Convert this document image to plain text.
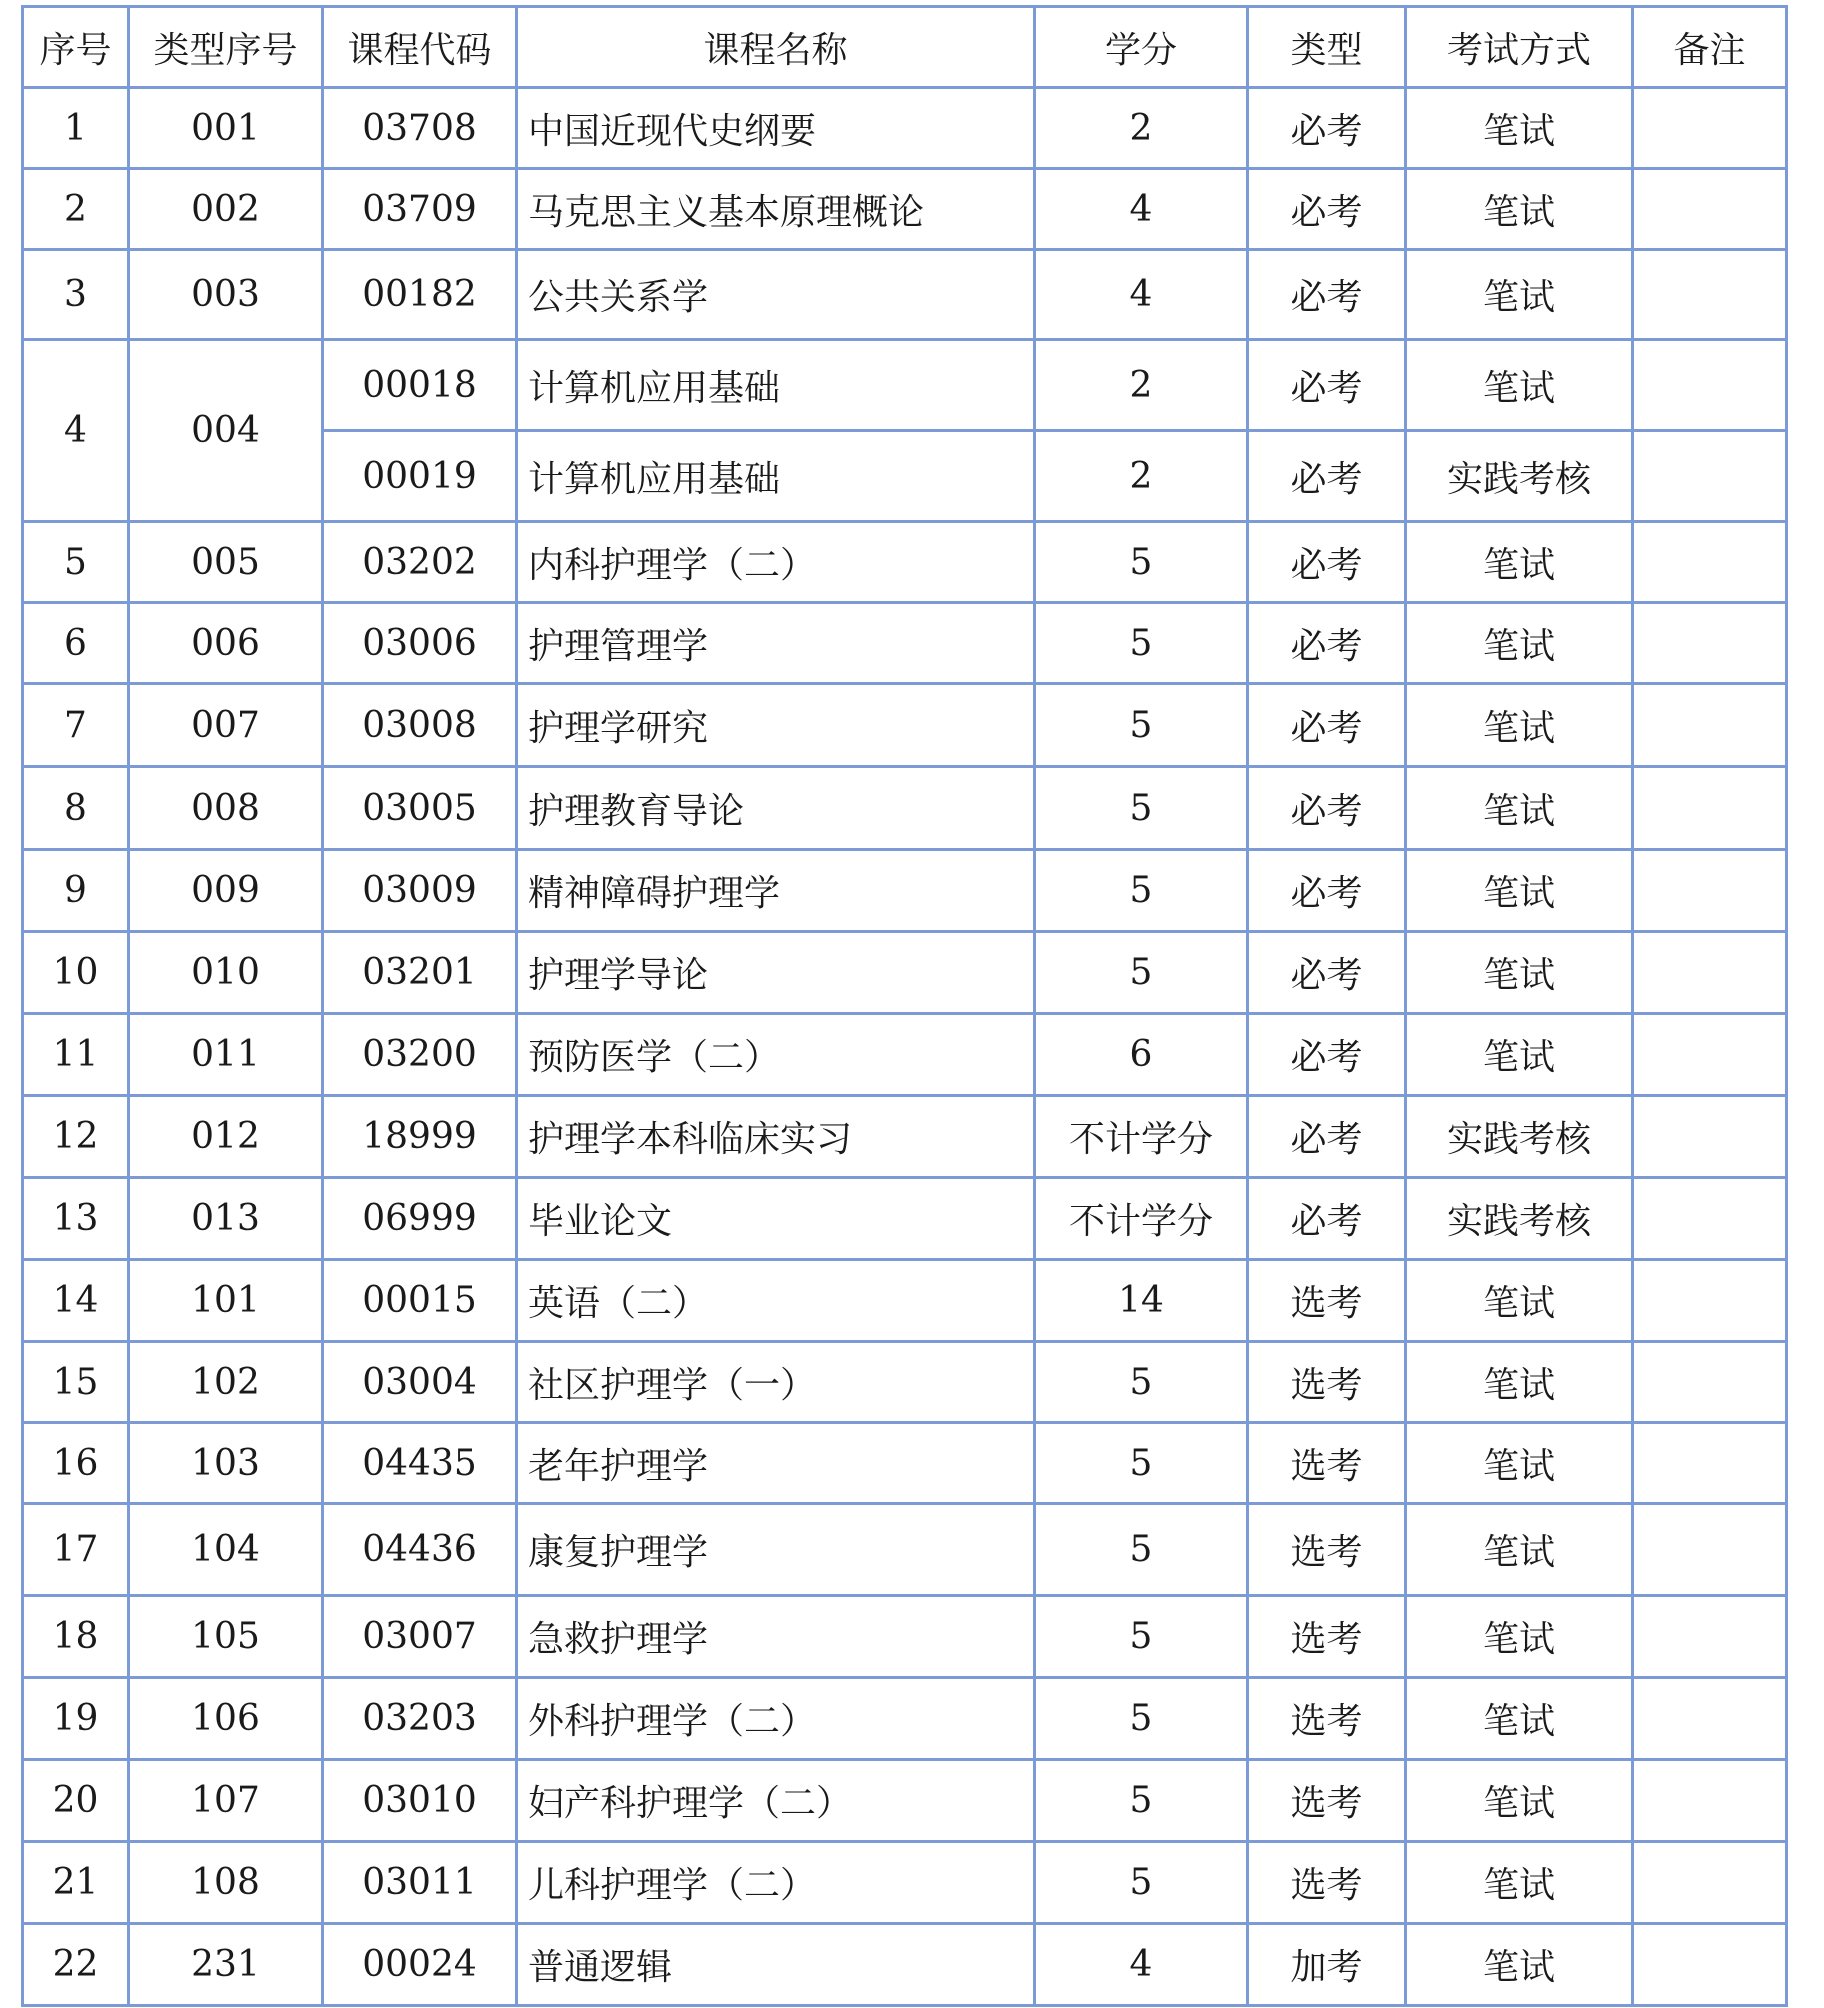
序号	类型序号	课程代码	课程名称	学分	类型	考试方式	备注
1	001	03708	中国近现代史纲要	2	必考	笔试	
2	002	03709	马克思主义基本原理概论	4	必考	笔试	
3	003	00182	公共关系学	4	必考	笔试	
4	004	00018	计算机应用基础	2	必考	笔试	
		00019	计算机应用基础	2	必考	实践考核	
5	005	03202	内科护理学（二）	5	必考	笔试	
6	006	03006	护理管理学	5	必考	笔试	
7	007	03008	护理学研究	5	必考	笔试	
8	008	03005	护理教育导论	5	必考	笔试	
9	009	03009	精神障碍护理学	5	必考	笔试	
10	010	03201	护理学导论	5	必考	笔试	
11	011	03200	预防医学（二）	6	必考	笔试	
12	012	18999	护理学本科临床实习	不计学分	必考	实践考核	
13	013	06999	毕业论文	不计学分	必考	实践考核	
14	101	00015	英语（二）	14	选考	笔试	
15	102	03004	社区护理学（一）	5	选考	笔试	
16	103	04435	老年护理学	5	选考	笔试	
17	104	04436	康复护理学	5	选考	笔试	
18	105	03007	急救护理学	5	选考	笔试	
19	106	03203	外科护理学（二）	5	选考	笔试	
20	107	03010	妇产科护理学（二）	5	选考	笔试	
21	108	03011	儿科护理学（二）	5	选考	笔试	
22	231	00024	普通逻辑	4	加考	笔试	
